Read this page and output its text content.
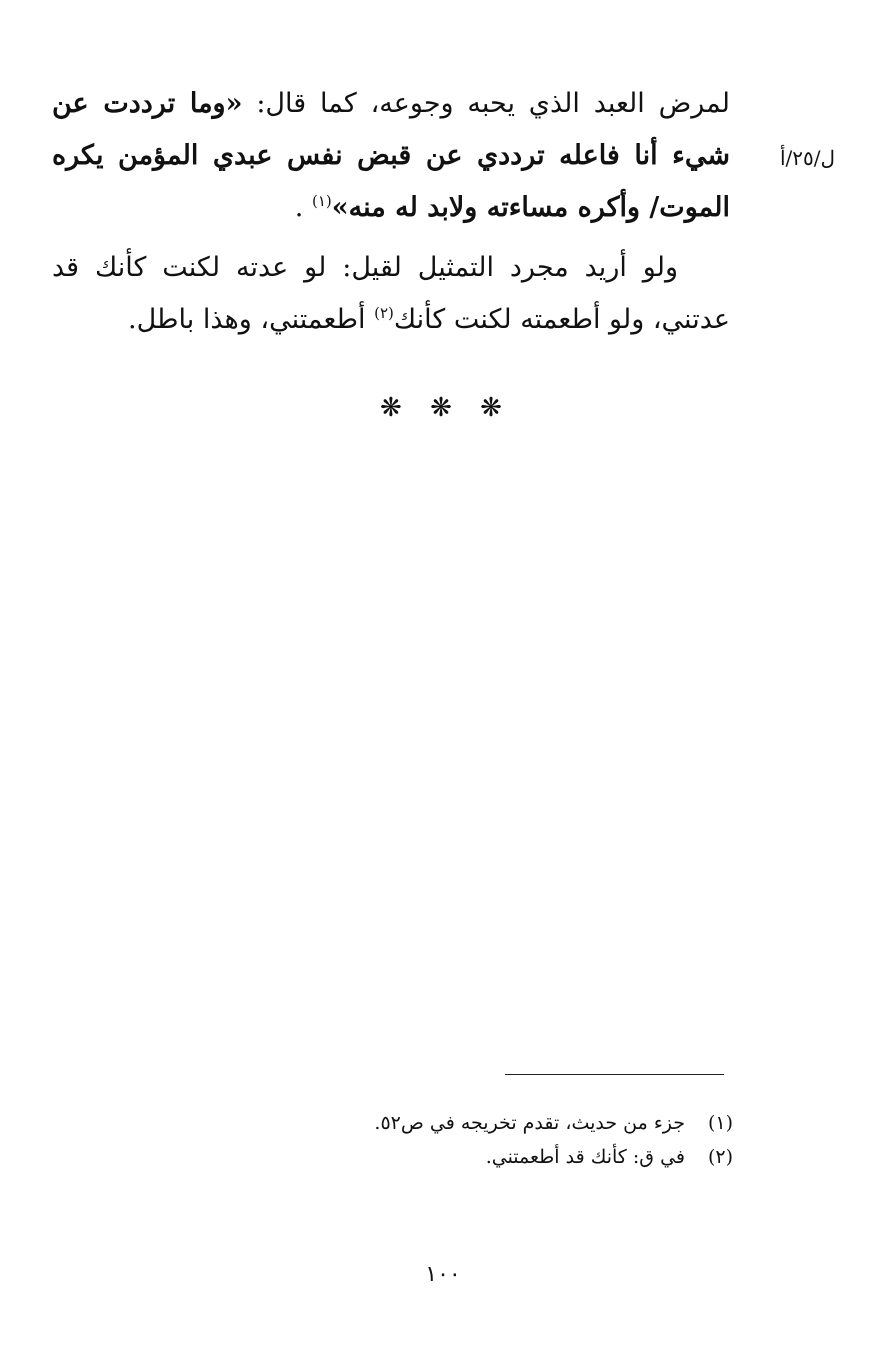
ل/٢٥/أ

لمرض العبد الذي يحبه وجوعه، كما قال: «وما ترددت عن شيء أنا فاعله ترددي عن قبض نفس عبدي المؤمن يكره الموت/ وأكره مساءته ولابد له منه»$^{(١)}$ .

ولو أريد مجرد التمثيل لقيل: لو عدته لكنت كأنك قد عدتني، ولو أطعمته لكنت كأنك$^{(٢)}$ أطعمتني، وهذا باطل.

❋ ❋ ❋
(١)
جزء من حديث، تقدم تخريجه في ص٥٢.
(٢)
في ق: كأنك قد أطعمتني.
١٠٠
